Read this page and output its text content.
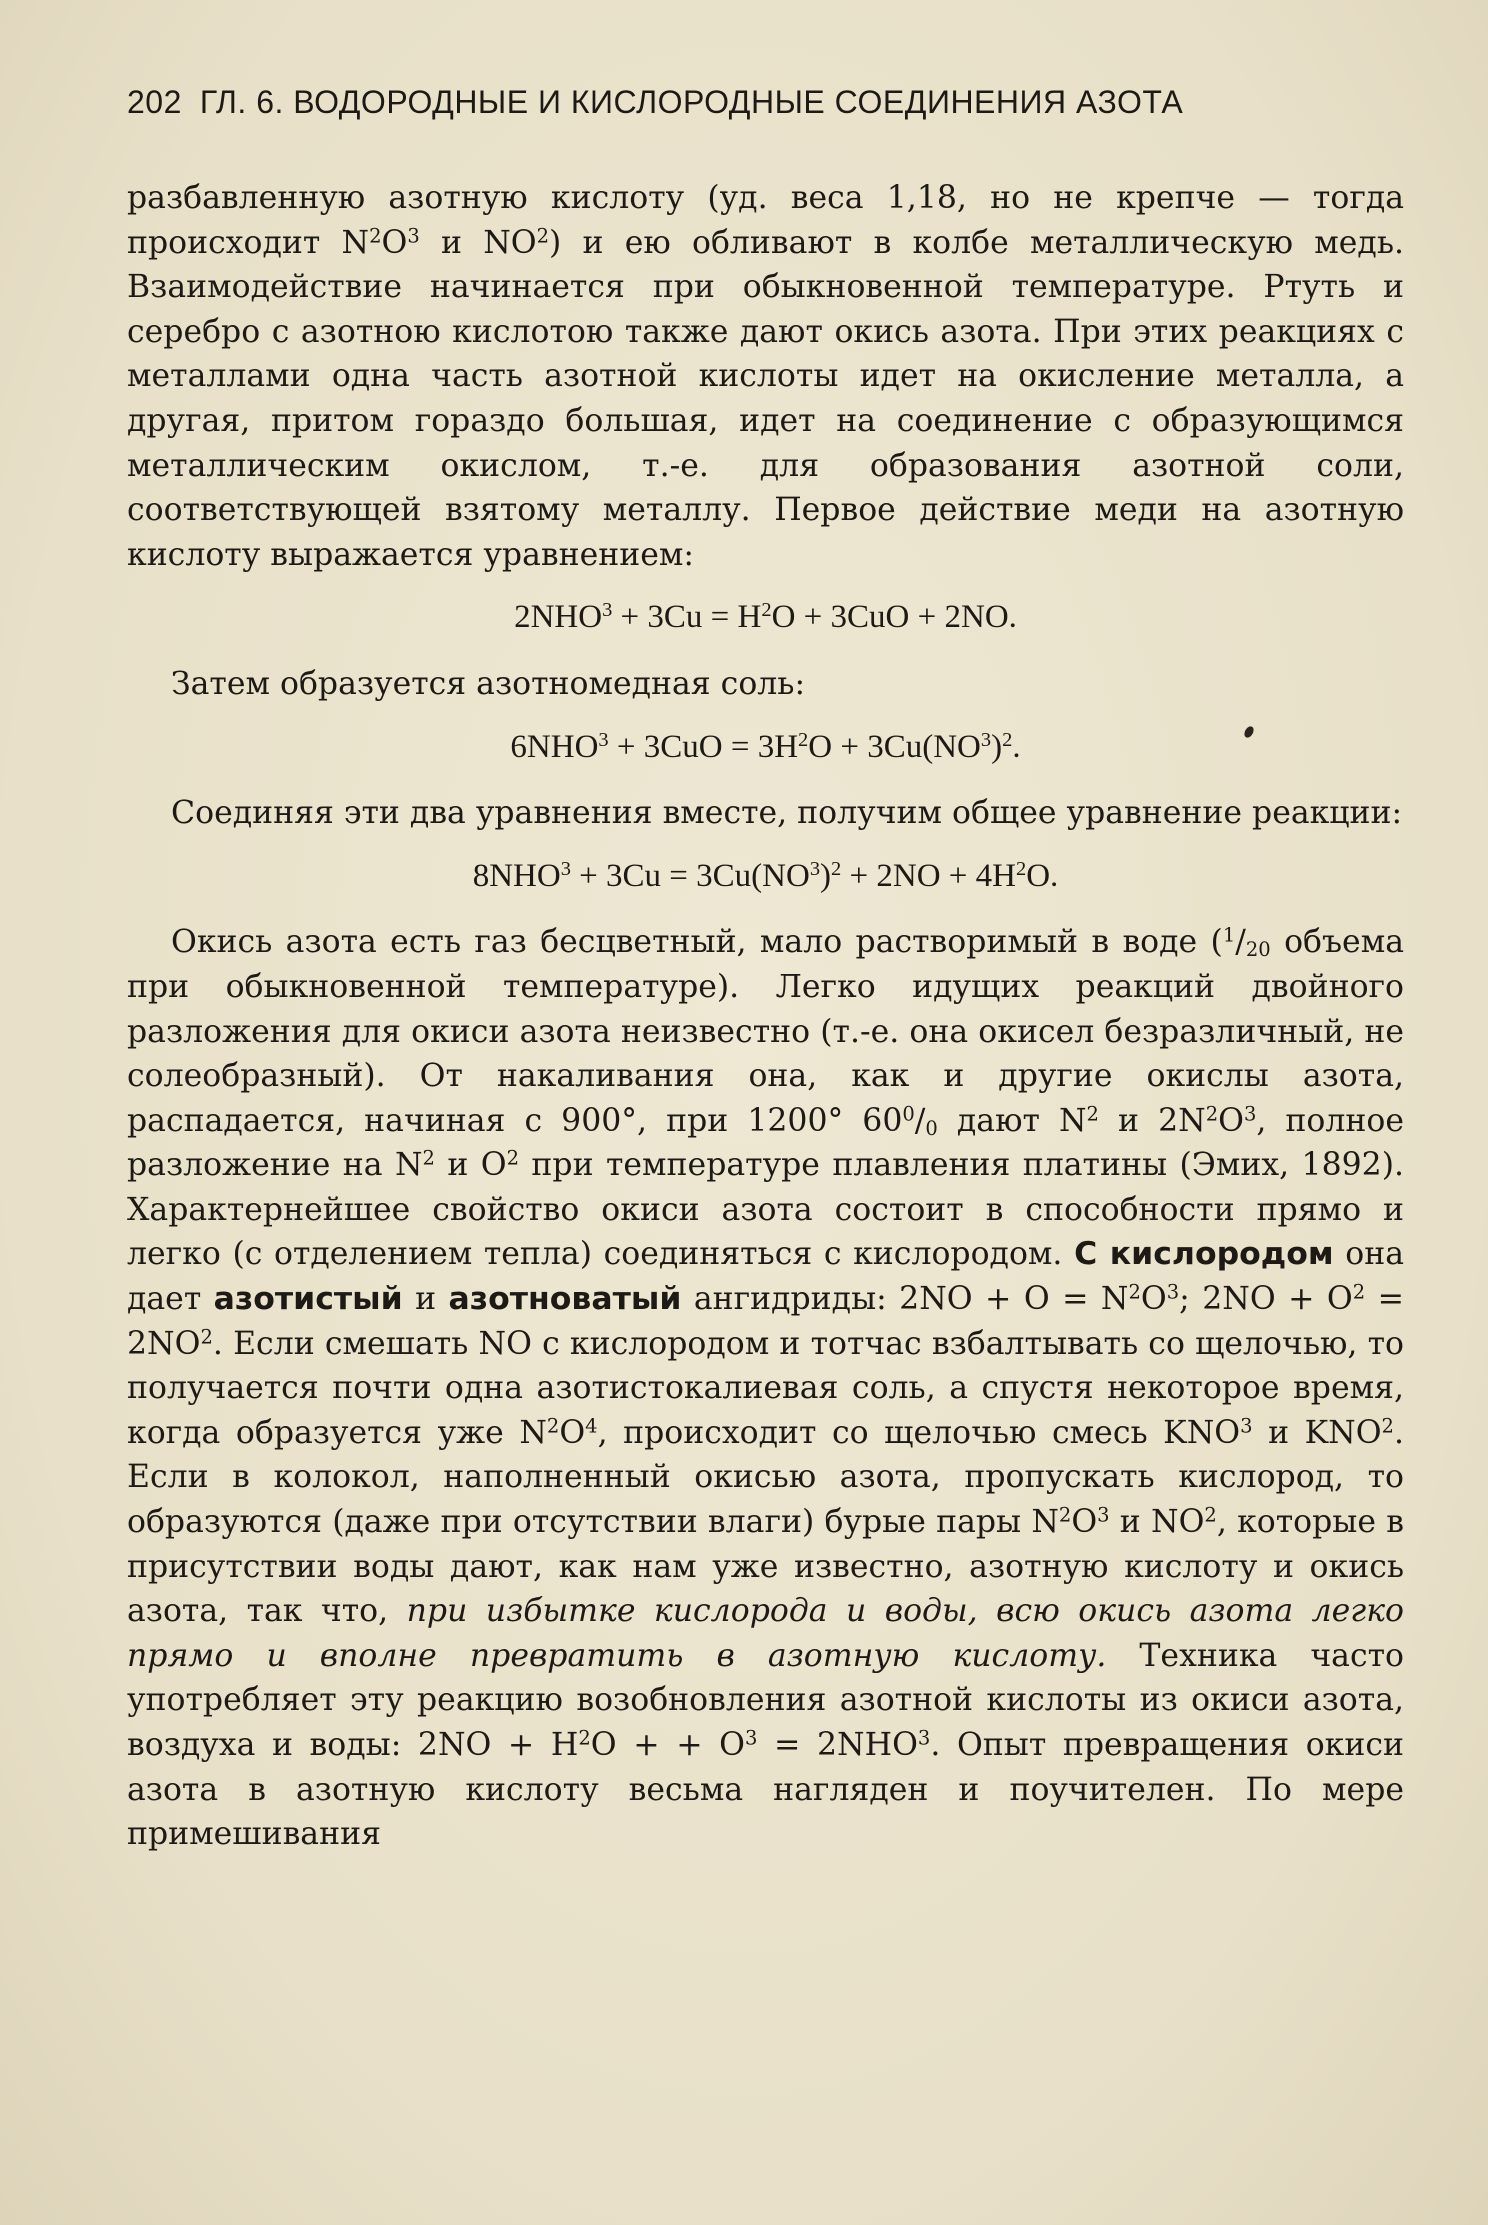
202 ГЛ. 6. ВОДОРОДНЫЕ И КИСЛОРОДНЫЕ СОЕДИНЕНИЯ АЗОТА

разбавленную азотную кислоту (уд. веса 1,18, но не крепче — тогда происходит $N^2O^3$ и $NO^2$) и ею обливают в колбе металлическую медь. Взаимодействие начинается при обыкновенной температуре. Ртуть и серебро с азотною кислотою также дают окись азота. При этих реакциях с металлами одна часть азотной кислоты идет на окисление металла, а другая, притом гораздо большая, идет на соединение с образующимся металлическим окислом, т.-е. для образования азотной соли, соответствующей взятому металлу. Первое действие меди на азотную кислоту выражается уравнением:

$2NHO^3 + 3Cu = H^2O + 3CuO + 2NO$.

Затем образуется азотномедная соль:

$6NHO^3 + 3CuO = 3H^2O + 3Cu(NO^3)^2$.

Соединяя эти два уравнения вместе, получим общее уравнение реакции:

$8NHO^3 + 3Cu = 3Cu(NO^3)^2 + 2NO + 4H^2O$.

Окись азота есть газ бесцветный, мало растворимый в воде ($^1/_{20}$ объема при обыкновенной температуре). Легко идущих реакций двойного разложения для окиси азота неизвестно (т.-е. она окисел безразличный, не солеобразный). От накаливания она, как и другие окислы азота, распадается, начиная с 900°, при 1200° $60^0/_0$ дают $N^2$ и $2N^2O^3$, полное разложение на $N^2$ и $O^2$ при температуре плавления платины (Эмих, 1892). Характернейшее свойство окиси азота состоит в способности прямо и легко (с отделением тепла) соединяться с кислородом. С кислородом она дает азотистый и азотноватый ангидриды: $2NO + O = N^2O^3$; $2NO + O^2 = 2NO^2$. Если смешать NO с кислородом и тотчас взбалтывать со щелочью, то получается почти одна азотистокалиевая соль, а спустя некоторое время, когда образуется уже $N^2O^4$, происходит со щелочью смесь KNO$^3$ и KNO$^2$. Если в колокол, наполненный окисью азота, пропускать кислород, то образуются (даже при отсутствии влаги) бурые пары $N^2O^3$ и $NO^2$, которые в присутствии воды дают, как нам уже известно, азотную кислоту и окись азота, так что, при избытке кислорода и воды, всю окись азота легко прямо и вполне превратить в азотную кислоту. Техника часто употребляет эту реакцию возобновления азотной кислоты из окиси азота, воздуха и воды: $2NO + H^2O$ + + $O^3 = 2NHO^3$. Опыт превращения окиси азота в азотную кислоту весьма нагляден и поучителен. По мере примешивания
